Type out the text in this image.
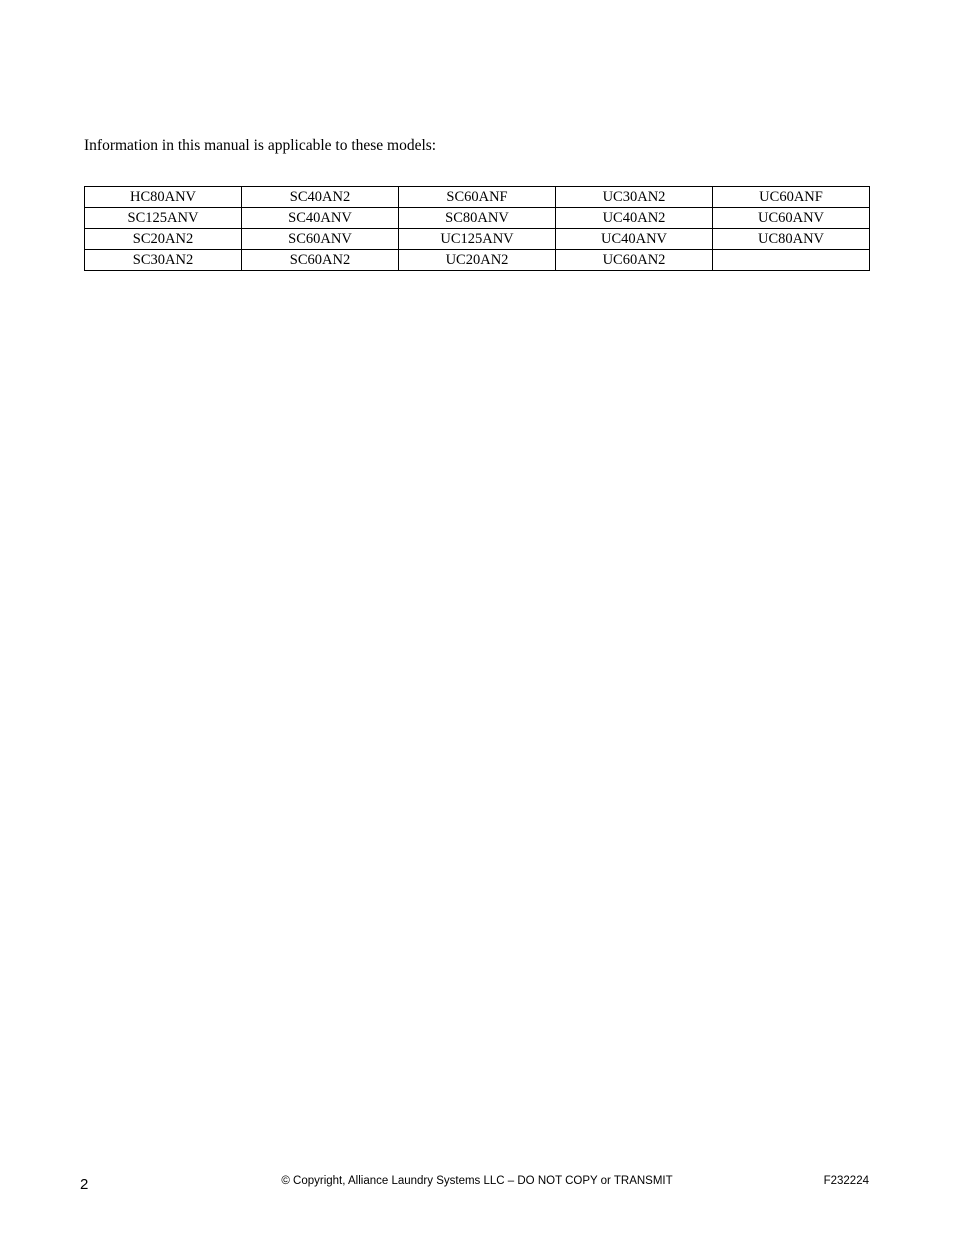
Information in this manual is applicable to these models:
HC80ANV	SC40AN2	SC60ANF	UC30AN2	UC60ANF
SC125ANV	SC40ANV	SC80ANV	UC40AN2	UC60ANV
SC20AN2	SC60ANV	UC125ANV	UC40ANV	UC80ANV
SC30AN2	SC60AN2	UC20AN2	UC60AN2	
2	© Copyright, Alliance Laundry Systems LLC – DO NOT COPY or TRANSMIT	F232224
